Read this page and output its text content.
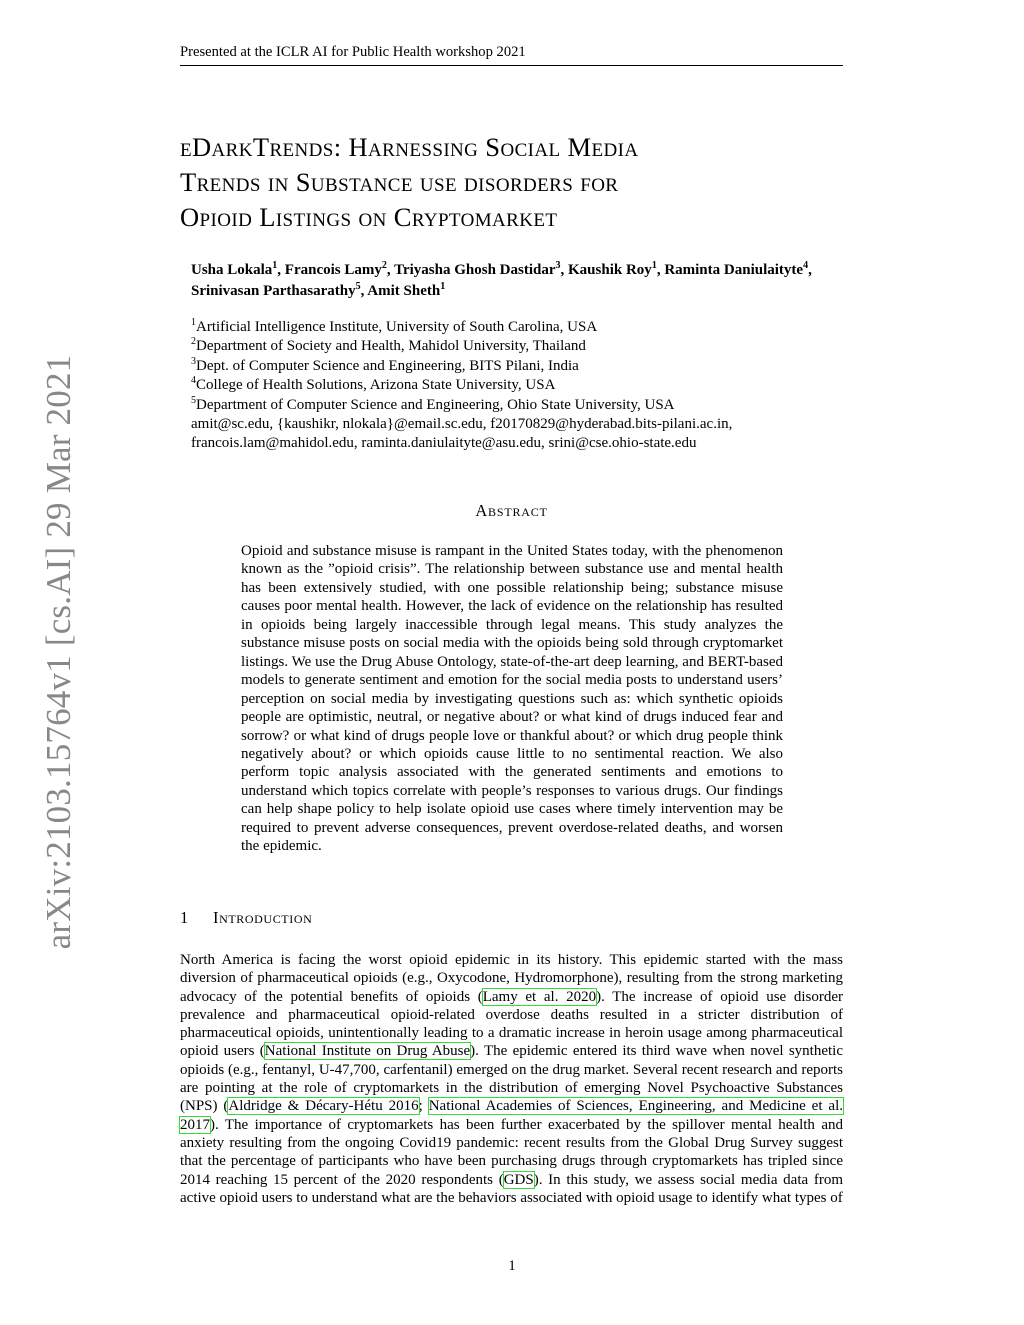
Presented at the ICLR AI for Public Health workshop 2021
arXiv:2103.15764v1 [cs.AI] 29 Mar 2021
eDarkTrends: Harnessing Social Media
Trends in Substance use disorders for
Opioid Listings on Cryptomarket
Usha Lokala$^1$, Francois Lamy$^2$, Triyasha Ghosh Dastidar$^3$, Kaushik Roy$^1$, Raminta Daniulaityte$^4$,
Srinivasan Parthasarathy$^5$, Amit Sheth$^1$
$^1$Artificial Intelligence Institute, University of South Carolina, USA
$^2$Department of Society and Health, Mahidol University, Thailand
$^3$Dept. of Computer Science and Engineering, BITS Pilani, India
$^4$College of Health Solutions, Arizona State University, USA
$^5$Department of Computer Science and Engineering, Ohio State University, USA
amit@sc.edu, {kaushikr, nlokala}@email.sc.edu, f20170829@hyderabad.bits-pilani.ac.in,
francois.lam@mahidol.edu, raminta.daniulaityte@asu.edu, srini@cse.ohio-state.edu
Abstract
Opioid and substance misuse is rampant in the United States today, with the phenomenon known as the ”opioid crisis”. The relationship between substance use and mental health has been extensively studied, with one possible relationship being; substance misuse causes poor mental health. However, the lack of evidence on the relationship has resulted in opioids being largely inaccessible through legal means. This study analyzes the substance misuse posts on social media with the opioids being sold through cryptomarket listings. We use the Drug Abuse Ontology, state-of-the-art deep learning, and BERT-based models to generate sentiment and emotion for the social media posts to understand users’ perception on social media by investigating questions such as: which synthetic opioids people are optimistic, neutral, or negative about? or what kind of drugs induced fear and sorrow? or what kind of drugs people love or thankful about? or which drug people think negatively about? or which opioids cause little to no sentimental reaction. We also perform topic analysis associated with the generated sentiments and emotions to understand which topics correlate with people’s responses to various drugs. Our findings can help shape policy to help isolate opioid use cases where timely intervention may be required to prevent adverse consequences, prevent overdose-related deaths, and worsen the epidemic.
1 Introduction
North America is facing the worst opioid epidemic in its history. This epidemic started with the mass diversion of pharmaceutical opioids (e.g., Oxycodone, Hydromorphone), resulting from the strong marketing advocacy of the potential benefits of opioids (Lamy et al. 2020). The increase of opioid use disorder prevalence and pharmaceutical opioid-related overdose deaths resulted in a stricter distribution of pharmaceutical opioids, unintentionally leading to a dramatic increase in heroin usage among pharmaceutical opioid users (National Institute on Drug Abuse). The epidemic entered its third wave when novel synthetic opioids (e.g., fentanyl, U-47,700, carfentanil) emerged on the drug market. Several recent research and reports are pointing at the role of cryptomarkets in the distribution of emerging Novel Psychoactive Substances (NPS) (Aldridge & Décary-Hétu 2016; National Academies of Sciences, Engineering, and Medicine et al. 2017). The importance of cryptomarkets has been further exacerbated by the spillover mental health and anxiety resulting from the ongoing Covid19 pandemic: recent results from the Global Drug Survey suggest that the percentage of participants who have been purchasing drugs through cryptomarkets has tripled since 2014 reaching 15 percent of the 2020 respondents (GDS). In this study, we assess social media data from active opioid users to understand what are the behaviors associated with opioid usage to identify what types of
1
